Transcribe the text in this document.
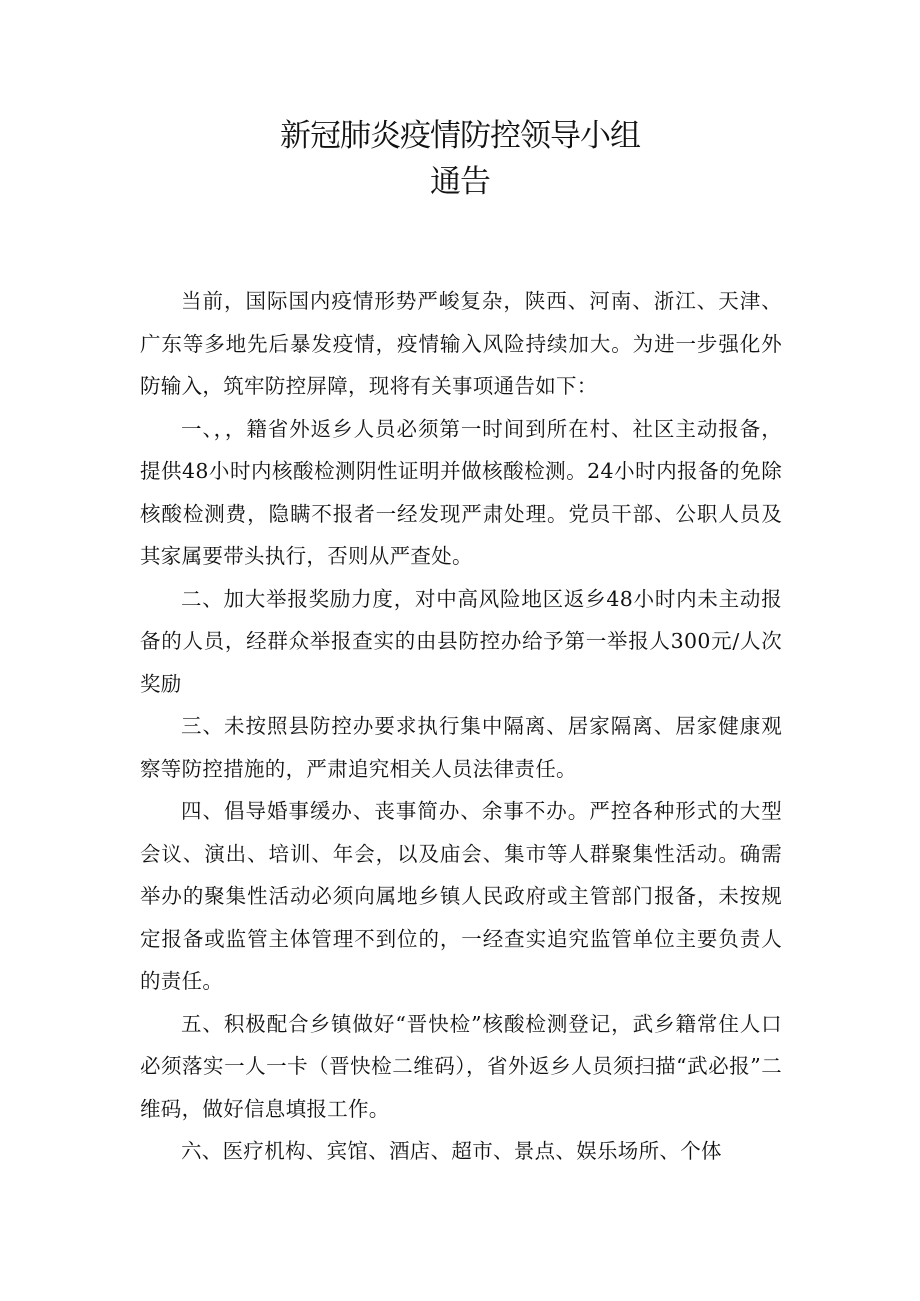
新冠肺炎疫情防控领导小组
通告

当前，国际国内疫情形势严峻复杂，陕西、河南、浙江、天津、广东等多地先后暴发疫情，疫情输入风险持续加大。为进一步强化外防输入，筑牢防控屏障，现将有关事项通告如下：

一、，，籍省外返乡人员必须第一时间到所在村、社区主动报备，提供48小时内核酸检测阴性证明并做核酸检测。24小时内报备的免除核酸检测费，隐瞒不报者一经发现严肃处理。党员干部、公职人员及其家属要带头执行，否则从严查处。

二、加大举报奖励力度，对中高风险地区返乡48小时内未主动报备的人员，经群众举报查实的由县防控办给予第一举报人300元/人次奖励

三、未按照县防控办要求执行集中隔离、居家隔离、居家健康观察等防控措施的，严肃追究相关人员法律责任。

四、倡导婚事缓办、丧事简办、余事不办。严控各种形式的大型会议、演出、培训、年会，以及庙会、集市等人群聚集性活动。确需举办的聚集性活动必须向属地乡镇人民政府或主管部门报备，未按规定报备或监管主体管理不到位的，一经查实追究监管单位主要负责人的责任。

五、积极配合乡镇做好“晋快检”核酸检测登记，武乡籍常住人口必须落实一人一卡（晋快检二维码），省外返乡人员须扫描“武必报”二维码，做好信息填报工作。

六、医疗机构、宾馆、酒店、超市、景点、娱乐场所、个体
